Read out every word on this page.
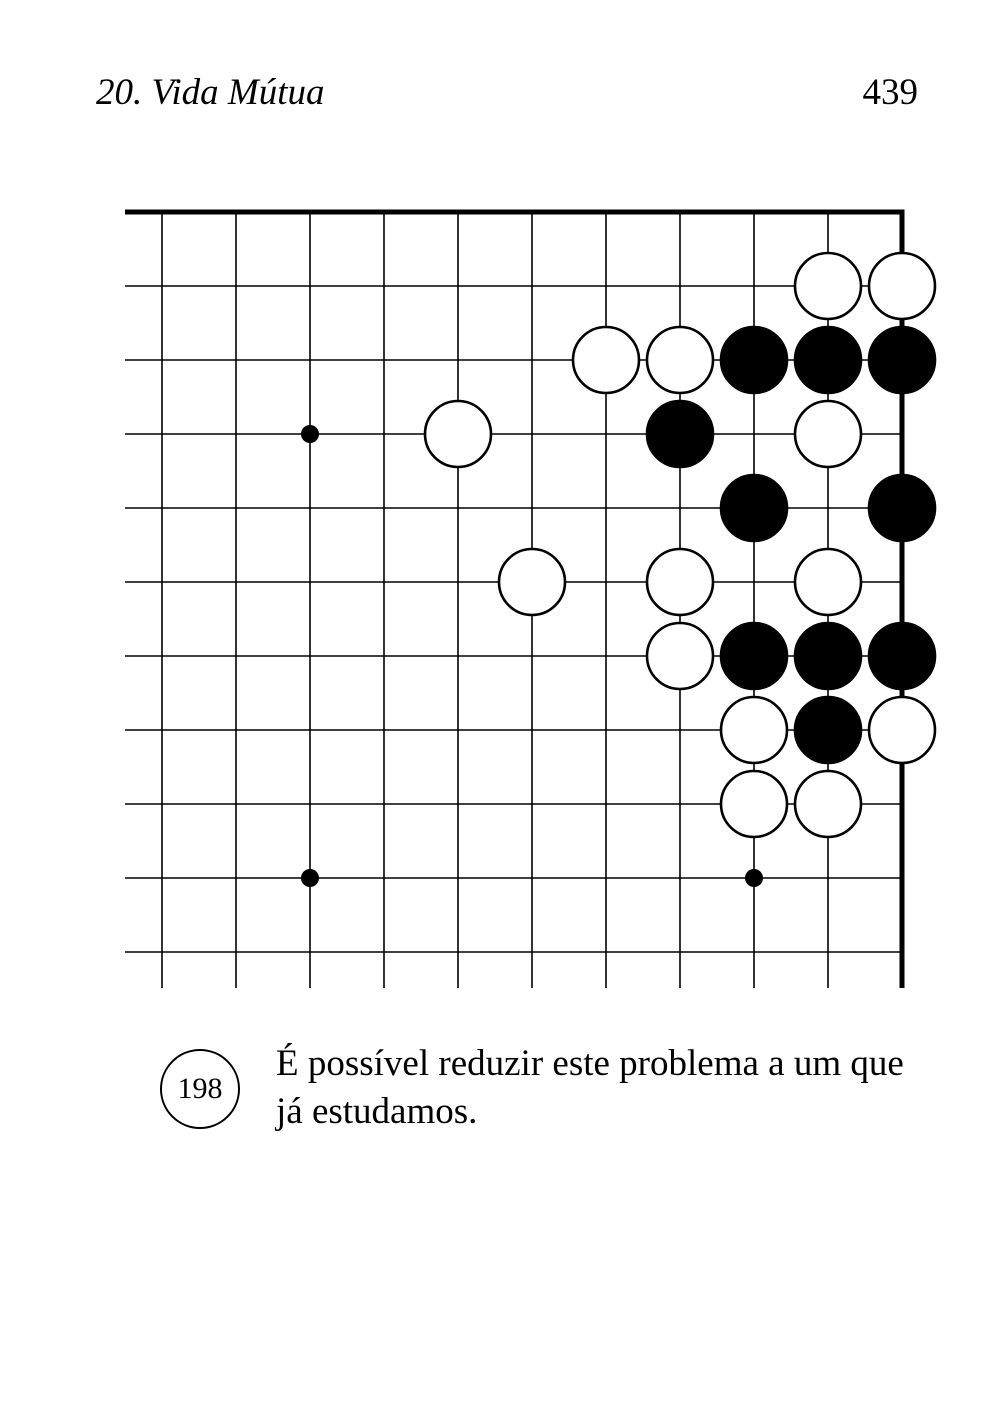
20. Vida Mútua	439
198
É possível reduzir este problema a um que já estudamos.
